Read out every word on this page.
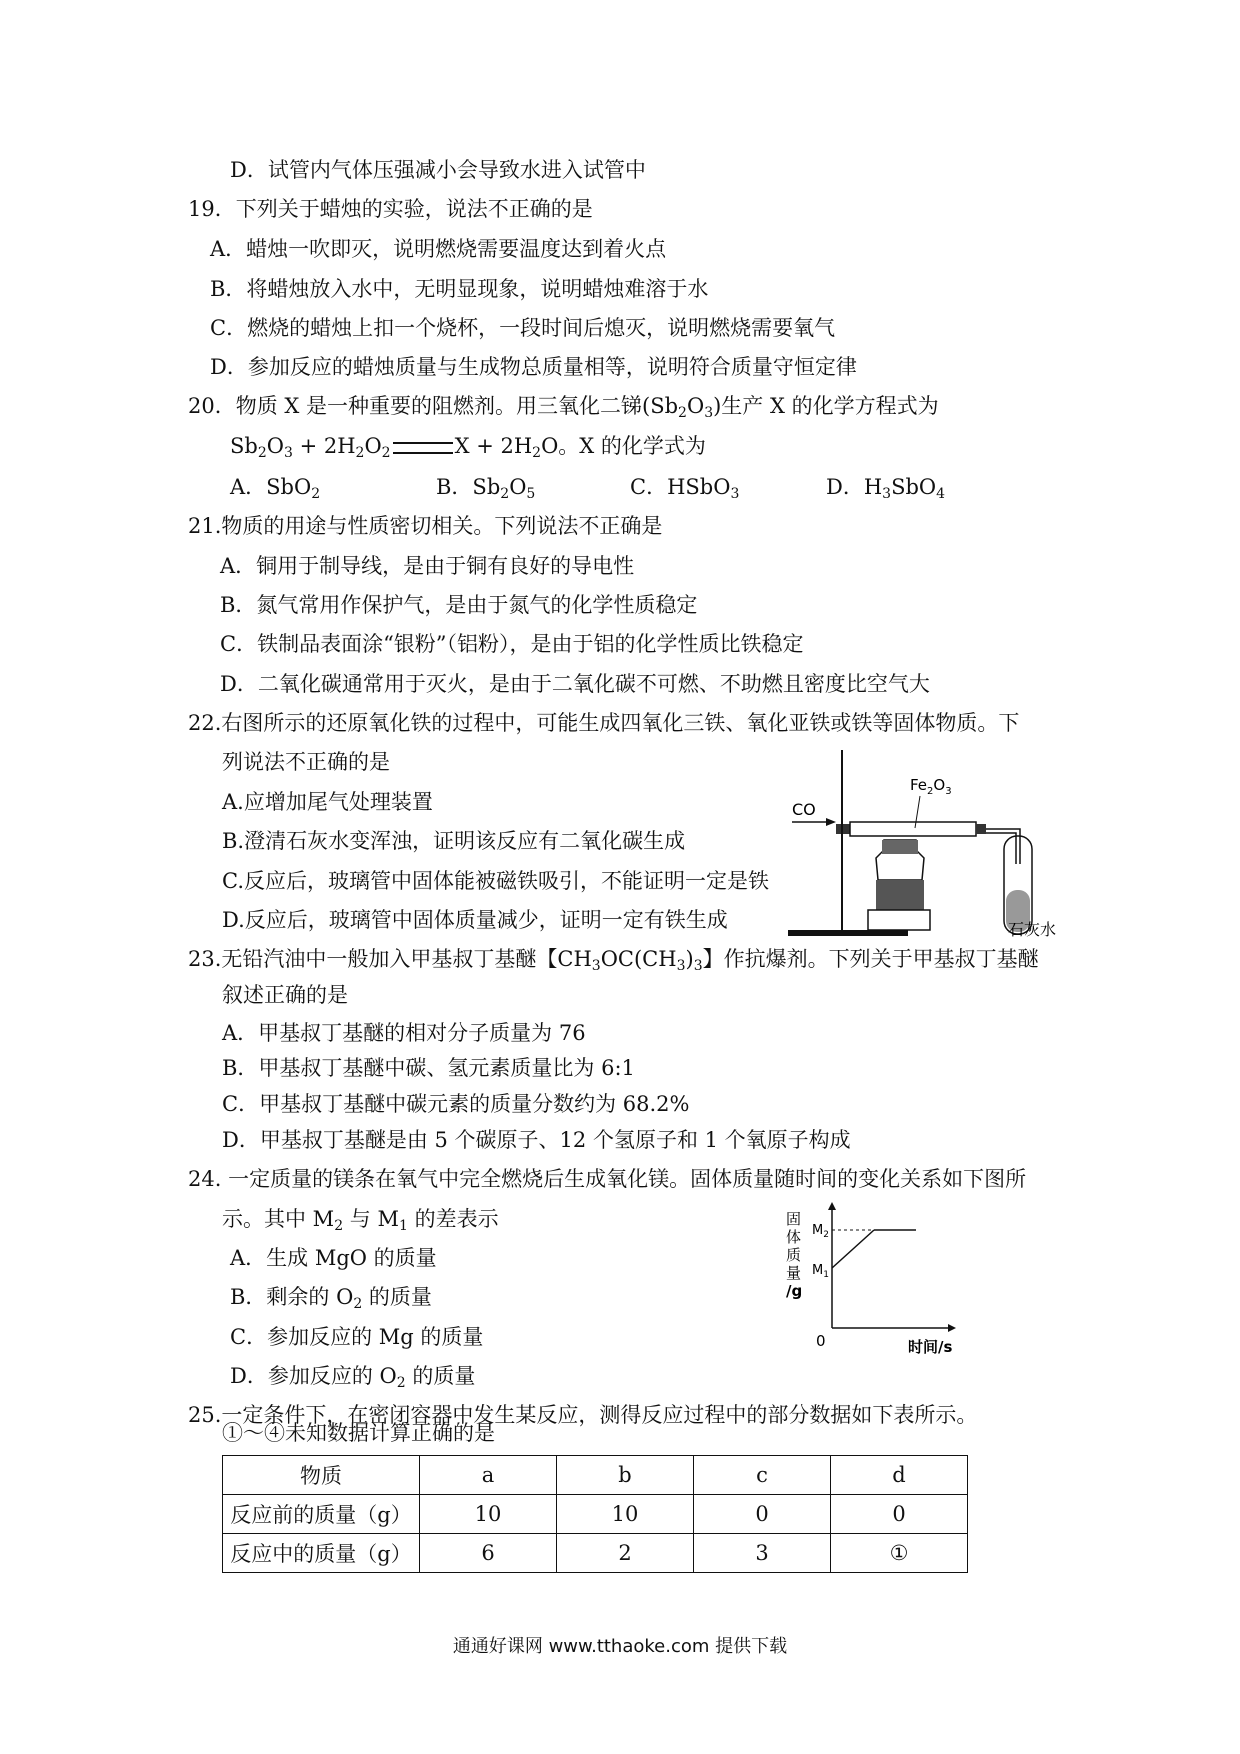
D．试管内气体压强减小会导致水进入试管中
19．下列关于蜡烛的实验，说法不正确的是
A．蜡烛一吹即灭，说明燃烧需要温度达到着火点
B．将蜡烛放入水中，无明显现象，说明蜡烛难溶于水
C．燃烧的蜡烛上扣一个烧杯，一段时间后熄灭，说明燃烧需要氧气
D．参加反应的蜡烛质量与生成物总质量相等，说明符合质量守恒定律
20．物质 X 是一种重要的阻燃剂。用三氧化二锑$(Sb_2O_3)$生产 X 的化学方程式为
$Sb_2O_3 + 2H_2O_2$	$X + 2H_2O$。X 的化学式为
A．SbO$_2$	B．$Sb_2O_5$	C．HSbO$_3$	D．$H_3SbO_4$
21.物质的用途与性质密切相关。下列说法不正确是
A．铜用于制导线，是由于铜有良好的导电性
B．氮气常用作保护气，是由于氮气的化学性质稳定
C．铁制品表面涂“银粉”（铝粉），是由于铝的化学性质比铁稳定
D．二氧化碳通常用于灭火，是由于二氧化碳不可燃、不助燃且密度比空气大
22.右图所示的还原氧化铁的过程中，可能生成四氧化三铁、氧化亚铁或铁等固体物质。下
列说法不正确的是
A.应增加尾气处理装置
B.澄清石灰水变浑浊，证明该反应有二氧化碳生成
C.反应后，玻璃管中固体能被磁铁吸引，不能证明一定是铁
D.反应后，玻璃管中固体质量减少，证明一定有铁生成
CO
$Fe_2O_3$
石灰水
23.无铅汽油中一般加入甲基叔丁基醚【$CH_3OC(CH_3)_3$】作抗爆剂。下列关于甲基叔丁基醚
叙述正确的是
A．甲基叔丁基醚的相对分子质量为 76
B．甲基叔丁基醚中碳、氢元素质量比为 6:1
C．甲基叔丁基醚中碳元素的质量分数约为 68.2%
D．甲基叔丁基醚是由 5 个碳原子、12 个氢原子和 1 个氧原子构成
24. 一定质量的镁条在氧气中完全燃烧后生成氧化镁。固体质量随时间的变化关系如下图所
示。其中 $M_2$ 与 $M_1$ 的差表示
A．生成 MgO 的质量
B．剩余的 $O_2$ 的质量
C．参加反应的 Mg 的质量
D．参加反应的 $O_2$ 的质量
固
体
质
量
/g
0	时间/s
$M_2$
$M_1$
25.一定条件下，在密闭容器中发生某反应，测得反应过程中的部分数据如下表所示。
①～④未知数据计算正确的是
物质	a	b	c	d
反应前的质量（g）	10	10	0	0
反应中的质量（g）	6	2	3	①
通通好课网 www.tthaoke.com 提供下载
